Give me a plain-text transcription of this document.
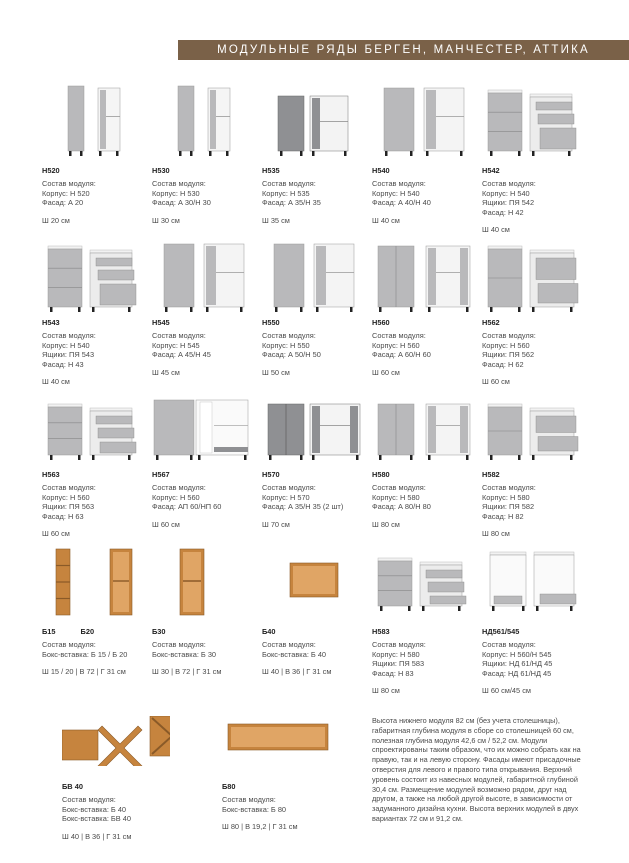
МОДУЛЬНЫЕ РЯДЫ БЕРГЕН, МАНЧЕСТЕР, АТТИКА
Н520
Состав модуля:
Корпус: Н 520
Фасад: А 20
Ш 20 см
Н530
Состав модуля:
Корпус: Н 530
Фасад: А 30/Н 30
Ш 30 см
Н535
Состав модуля:
Корпус: Н 535
Фасад: А 35/Н 35
Ш 35 см
Н540
Состав модуля:
Корпус: Н 540
Фасад: А 40/Н 40
Ш 40 см
Н542
Состав модуля:
Корпус: Н 540
Ящики: ПЯ 542
Фасад: Н 42
Ш 40 см
Н543
Состав модуля:
Корпус: Н 540
Ящики: ПЯ 543
Фасад: Н 43
Ш 40 см
Н545
Состав модуля:
Корпус: Н 545
Фасад: А 45/Н 45
Ш 45 см
Н550
Состав модуля:
Корпус: Н 550
Фасад: А 50/Н 50
Ш 50 см
Н560
Состав модуля:
Корпус: Н 560
Фасад: А 60/Н 60
Ш 60 см
Н562
Состав модуля:
Корпус: Н 560
Ящики: ПЯ 562
Фасад: Н 62
Ш 60 см
Н563
Состав модуля:
Корпус: Н 560
Ящики: ПЯ 563
Фасад: Н 63
Ш 60 см
Н567
Состав модуля:
Корпус: Н 560
Фасад: АП 60/НП 60
Ш 60 см
Н570
Состав модуля:
Корпус: Н 570
Фасад: А 35/Н 35 (2 шт)
Ш 70 см
Н580
Состав модуля:
Корпус: Н 580
Фасад: А 80/Н 80
Ш 80 см
Н582
Состав модуля:
Корпус: Н 580
Ящики: ПЯ 582
Фасад: Н 82
Ш 80 см
Б15	Б20
Состав модуля:
Бокс-вставка: Б 15 / Б 20
Ш 15 / 20 | В 72 | Г 31 см
Б30
Состав модуля:
Бокс-вставка: Б 30
Ш 30 | В 72 | Г 31 см
Б40
Состав модуля:
Бокс-вставка: Б 40
Ш 40 | В 36 | Г 31 см
Н583
Состав модуля:
Корпус: Н 580
Ящики: ПЯ 583
Фасад: Н 83
Ш 80 см
НД561/545
Состав модуля:
Корпус: Н 560/Н 545
Ящики: НД 61/НД 45
Фасад: НД 61/НД 45
Ш 60 см/45 см
БВ 40
Состав модуля:
Бокс-вставка: Б 40
Бокс-вставка: БВ 40
Ш 40 | В 36 | Г 31 см
Б80
Состав модуля:
Бокс-вставка: Б 80
Ш 80 | В 19,2 | Г 31 см
Высота нижнего модуля 82 см (без учета столешницы), габаритная глубина модуля в сборе со столешницей 60 см, полезная глубина модуля 42,6 см / 52,2 см. Модули спроектированы таким образом, что их можно собрать как на правую, так и на левую сторону. Фасады имеют присадочные отверстия для левого и правого типа открывания. Верхний уровень состоит из навесных модулей, габаритной глубиной 30,4 см. Размещение модулей возможно рядом, друг над другом, а также на любой другой высоте, в зависимости от задуманного дизайна кухни. Высота верхних модулей в двух вариантах 72 см и 91,2 см.
